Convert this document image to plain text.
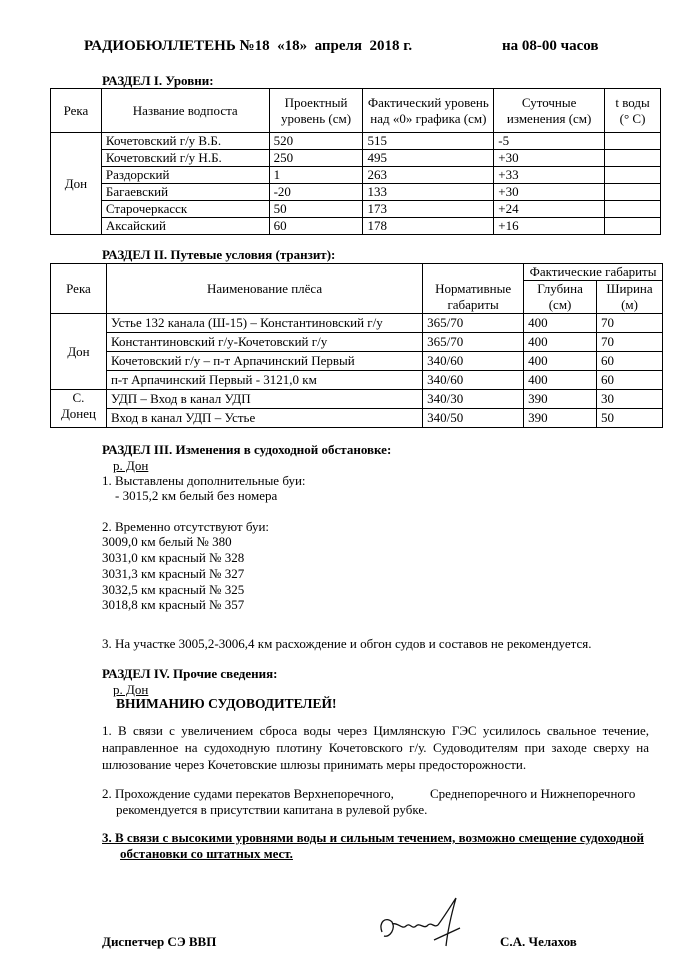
РАДИОБЮЛЛЕТЕНЬ №18  «18»  апреля  2018 г.	на 08-00 часов
РАЗДЕЛ I. Уровни:
Река	Название водпоста	Проектный уровень (см)	Фактический уровень над «0» графика (см)	Суточные изменения (см)	t воды (° C)
Дон	Кочетовский г/у В.Б.	520	515	-5	
	Кочетовский г/у Н.Б.	250	495	+30	
	Раздорский	1	263	+33	
	Багаевский	-20	133	+30	
	Старочеркасск	50	173	+24	
	Аксайский	60	178	+16	
РАЗДЕЛ II. Путевые условия (транзит):
Река	Наименование плёса	Нормативные габариты	Фактические габариты	
			Глубина (см)	Ширина (м)
Дон	Устье 132 канала (Ш-15) – Константиновский г/у	365/70	400	70
	Константиновский г/у-Кочетовский г/у	365/70	400	70
	Кочетовский г/у – п-т Арпачинский Первый	340/60	400	60
	п-т Арпачинский Первый - 3121,0 км	340/60	400	60
С. Донец	УДП – Вход в канал УДП	340/30	390	30
	Вход в канал УДП – Устье	340/50	390	50
РАЗДЕЛ III. Изменения в судоходной обстановке:
р. Дон
1. Выставлены дополнительные буи:
- 3015,2 км белый без номера
2. Временно отсутствуют буи:
3009,0 км белый № 380
3031,0 км красный № 328
3031,3 км красный № 327
3032,5 км красный № 325
3018,8 км красный № 357
3. На участке 3005,2-3006,4 км расхождение и обгон судов и составов не рекомендуется.
РАЗДЕЛ IV. Прочие сведения:
р. Дон
ВНИМАНИЮ СУДОВОДИТЕЛЕЙ!
1. В связи с увеличением сброса воды через Цимлянскую ГЭС усилилось свальное течение, направленное на судоходную плотину Кочетовского г/у. Судоводителям при заходе сверху на шлюзование через Кочетовские шлюзы принимать меры предосторожности.
2. Прохождение судами перекатов Верхнепоречного,	Среднепоречного и Нижнепоречного
рекомендуется в присутствии капитана в рулевой рубке.
3. В связи с высокими уровнями воды и сильным течением, возможно смещение судоходной
обстановки со штатных мест.
Диспетчер СЭ ВВП	С.А. Челахов
